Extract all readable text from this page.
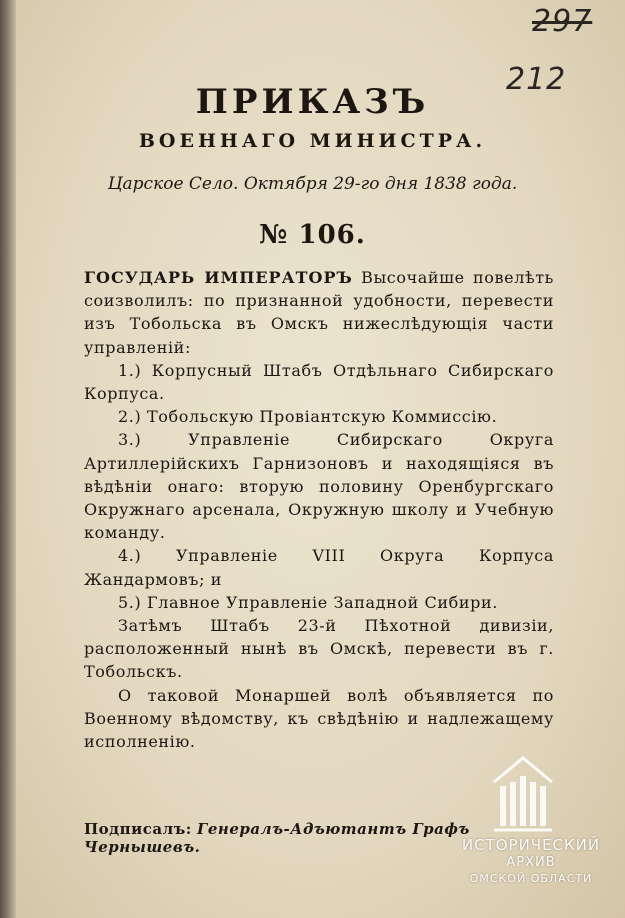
297
212
ПРИКАЗЪ
ВОЕННАГО МИНИСТРА.
Царское Село. Октября 29-го дня 1838 года.
№ 106.

ГОСУДАРЬ ИМПЕРАТОРЪ Высочайше повелѣть соизволилъ: по признанной удобности, перевести изъ Тобольска въ Омскъ нижеслѣдующія части управленій:

1.) Корпусный Штабъ Отдѣльнаго Сибирскаго Корпуса.

2.) Тобольскую Провіантскую Коммиссію.

3.) Управленіе Сибирскаго Округа Артиллерійскихъ Гарнизоновъ и находящіяся въ вѣдѣніи онаго: вторую половину Оренбургскаго Окружнаго арсенала, Окружную школу и Учебную команду.

4.) Управленіе VIII Округа Корпуса Жандармовъ; и

5.) Главное Управленіе Западной Сибири.

Затѣмъ Штабъ 23-й Пѣхотной дивизіи, расположенный нынѣ въ Омскѣ, перевести въ г. Тобольскъ.

О таковой Монаршей волѣ объявляется по Военному вѣдомству, къ свѣдѣнію и надлежащему исполненію.

Подписалъ: Генералъ-Адъютантъ Графъ Чернышевъ.	ИСТОРИЧЕСКИЙ
АРХИВ
ОМСКОЙ ОБЛАСТИ
